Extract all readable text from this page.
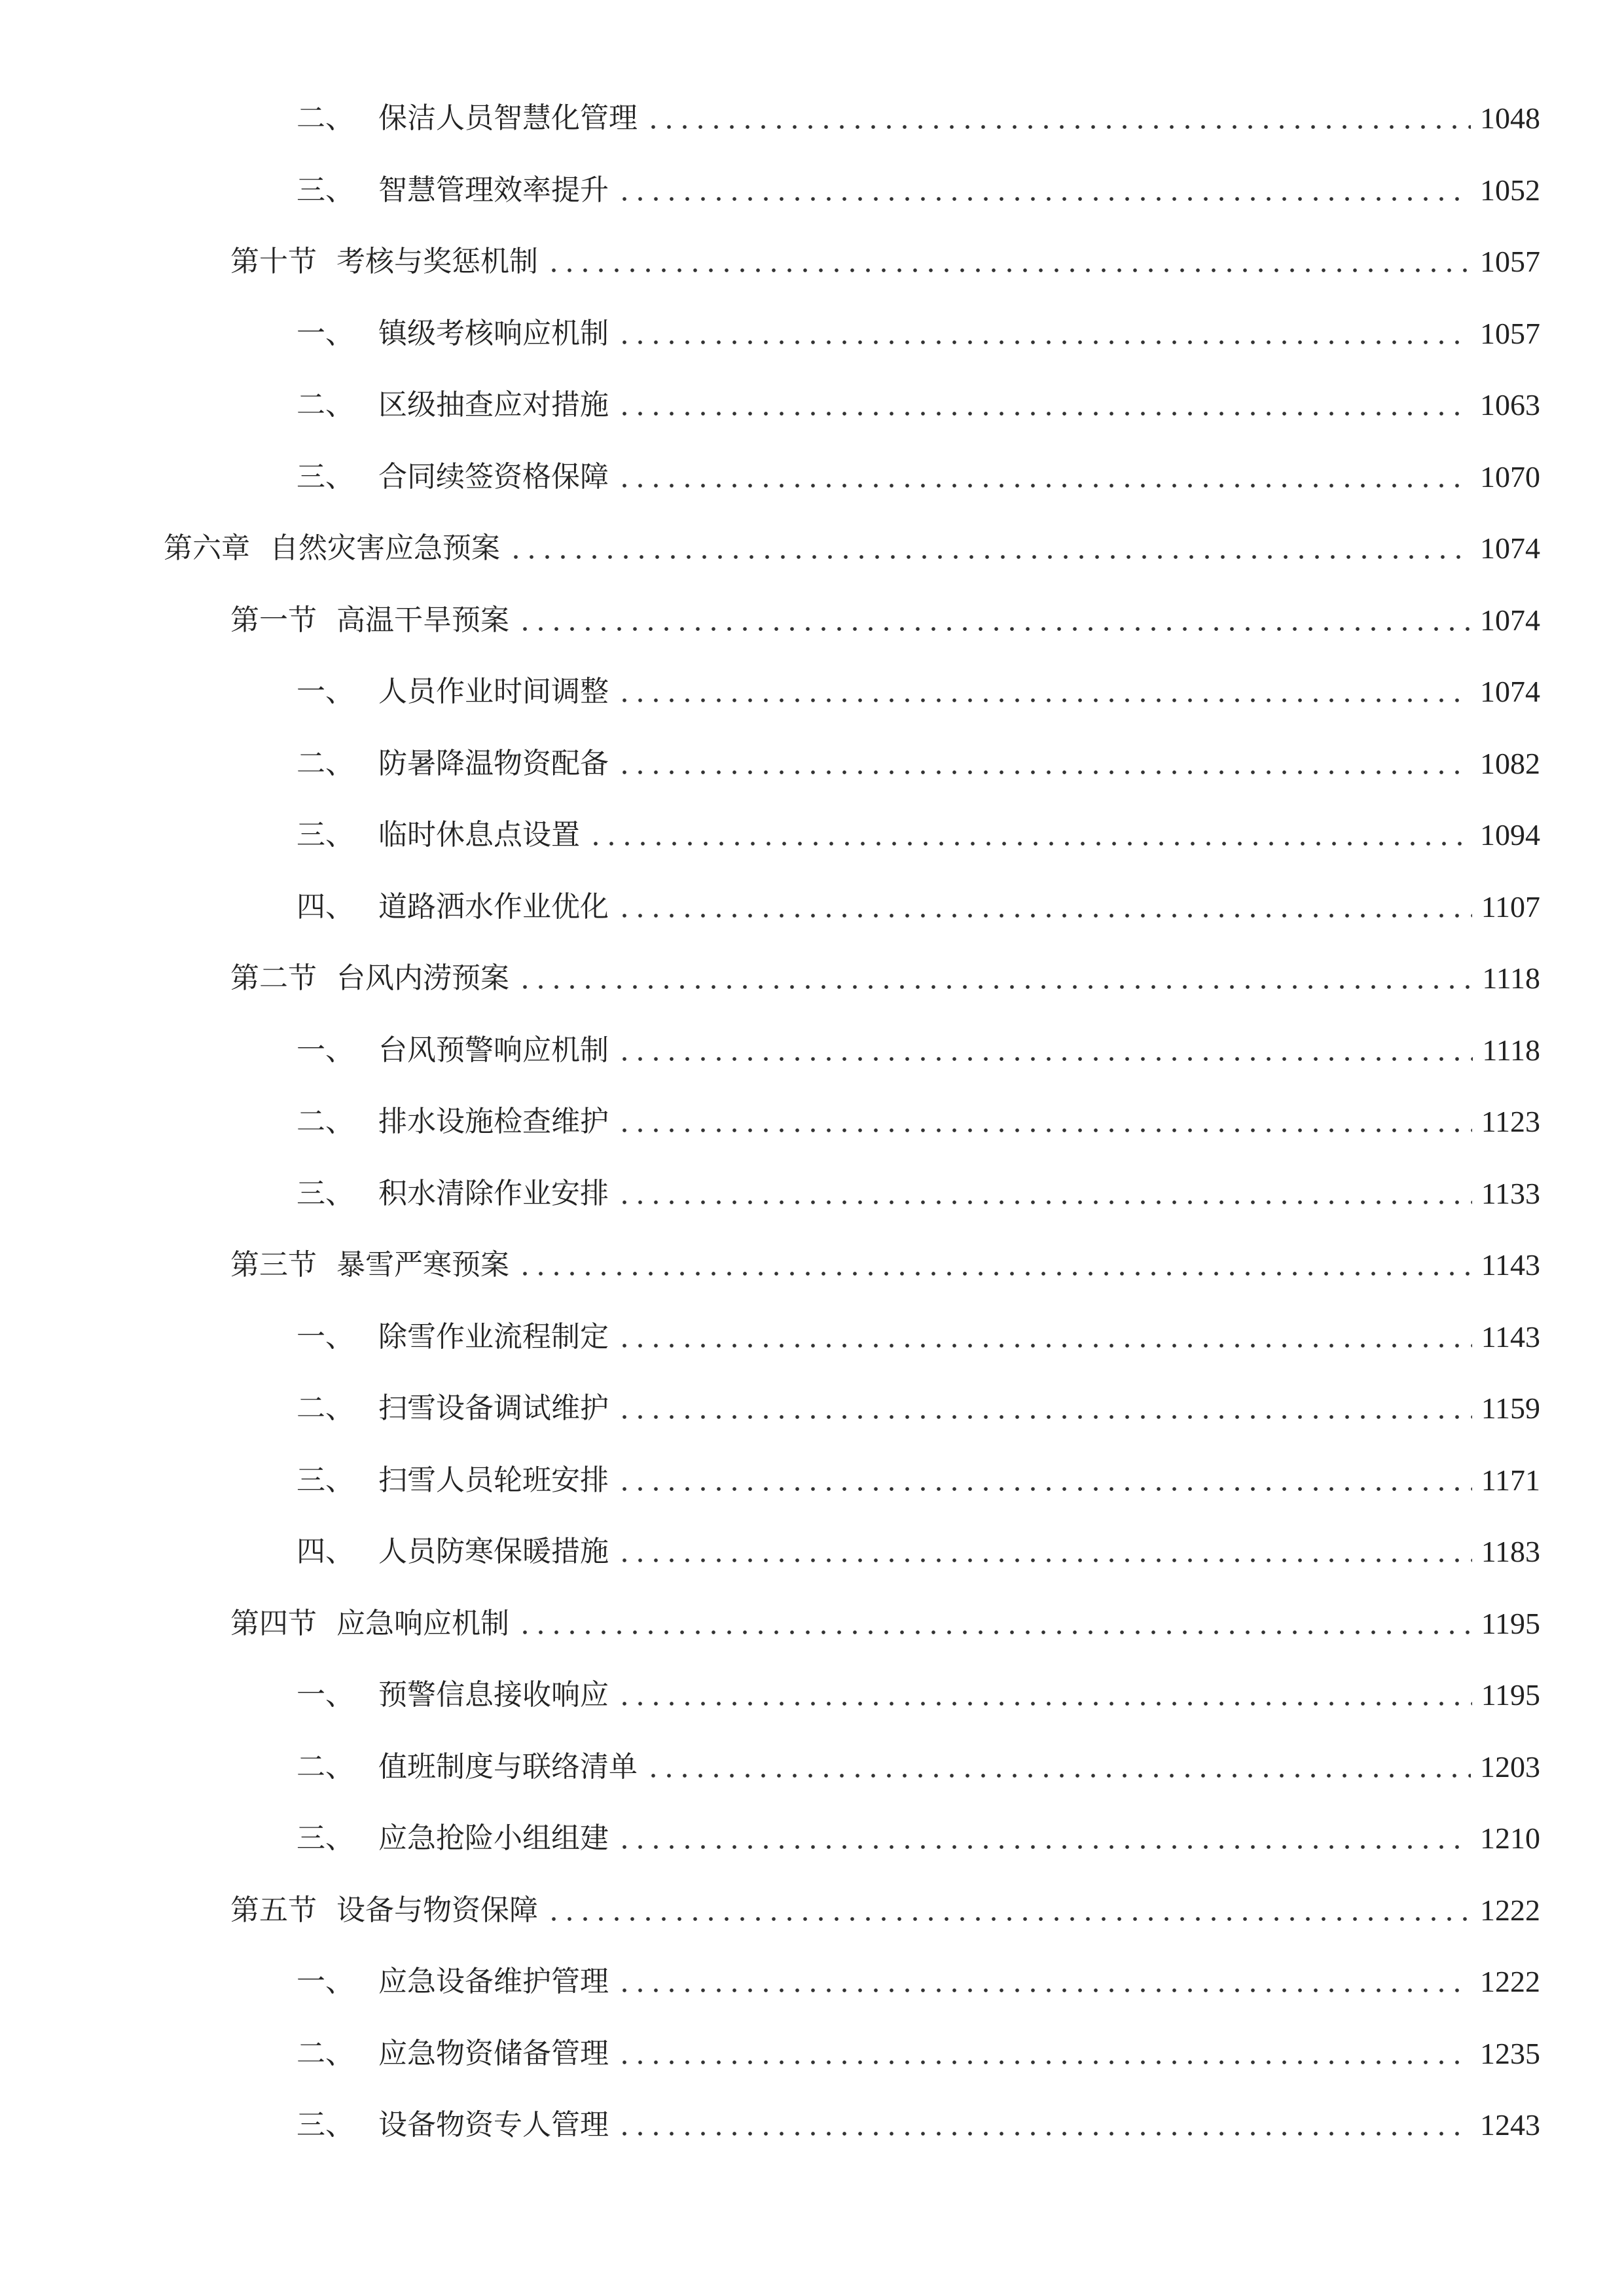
二、 保洁人员智慧化管理	1048
三、 智慧管理效率提升	1052
第十节 考核与奖惩机制	1057
一、 镇级考核响应机制	1057
二、 区级抽查应对措施	1063
三、 合同续签资格保障	1070
第六章 自然灾害应急预案	1074
第一节 高温干旱预案	1074
一、 人员作业时间调整	1074
二、 防暑降温物资配备	1082
三、 临时休息点设置	1094
四、 道路洒水作业优化	1107
第二节 台风内涝预案	1118
一、 台风预警响应机制	1118
二、 排水设施检查维护	1123
三、 积水清除作业安排	1133
第三节 暴雪严寒预案	1143
一、 除雪作业流程制定	1143
二、 扫雪设备调试维护	1159
三、 扫雪人员轮班安排	1171
四、 人员防寒保暖措施	1183
第四节 应急响应机制	1195
一、 预警信息接收响应	1195
二、 值班制度与联络清单	1203
三、 应急抢险小组组建	1210
第五节 设备与物资保障	1222
一、 应急设备维护管理	1222
二、 应急物资储备管理	1235
三、 设备物资专人管理	1243
